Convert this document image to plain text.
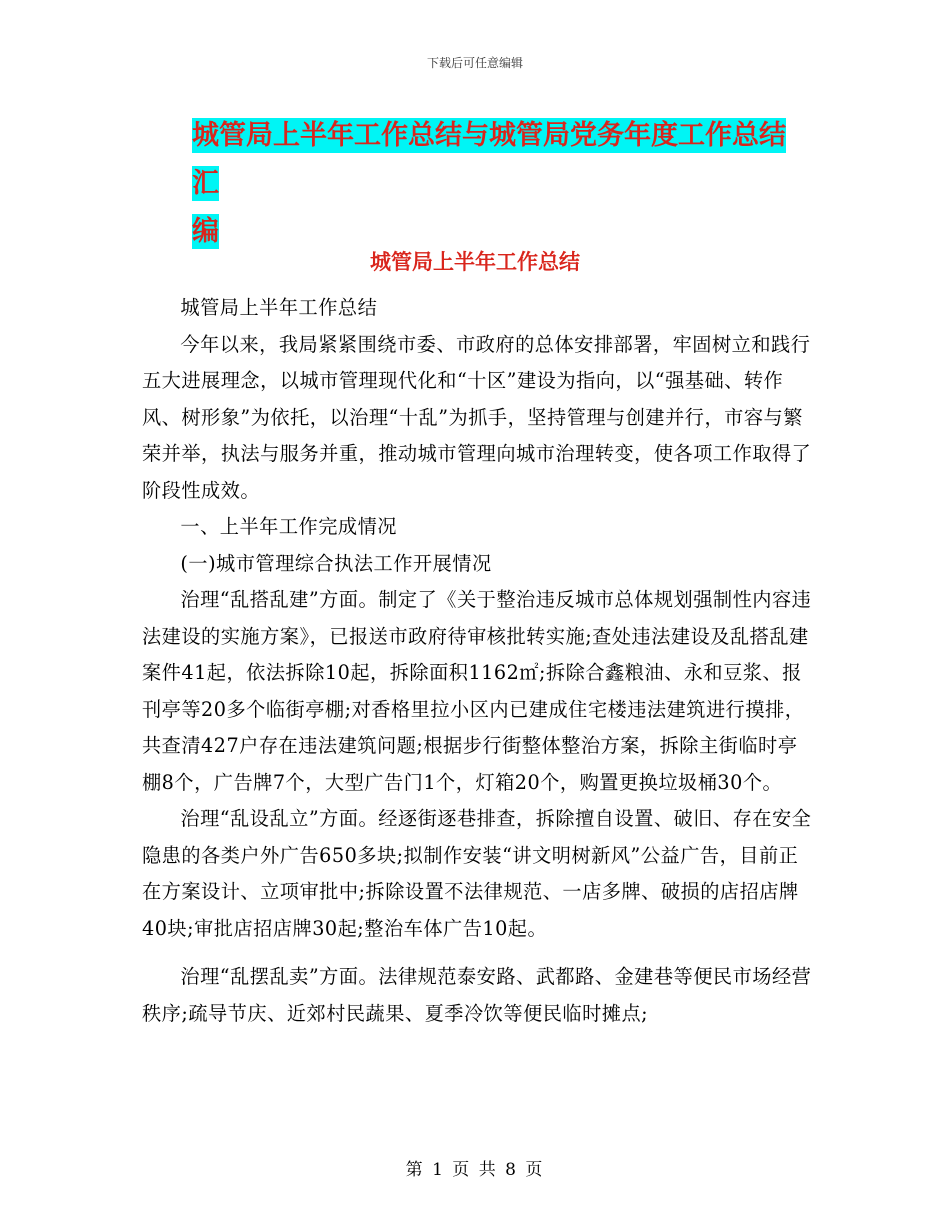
下载后可任意编辑
城管局上半年工作总结与城管局党务年度工作总结汇
编
城管局上半年工作总结

城管局上半年工作总结

今年以来，我局紧紧围绕市委、市政府的总体安排部署，牢固树立和践行五大进展理念，以城市管理现代化和“十区”建设为指向，以“强基础、转作风、树形象”为依托，以治理“十乱”为抓手，坚持管理与创建并行，市容与繁荣并举，执法与服务并重，推动城市管理向城市治理转变，使各项工作取得了阶段性成效。

一、上半年工作完成情况

(一)城市管理综合执法工作开展情况

治理“乱搭乱建”方面。制定了《关于整治违反城市总体规划强制性内容违法建设的实施方案》，已报送市政府待审核批转实施;查处违法建设及乱搭乱建案件41起，依法拆除10起，拆除面积1162㎡;拆除合鑫粮油、永和豆浆、报刊亭等20多个临街亭棚;对香格里拉小区内已建成住宅楼违法建筑进行摸排，共查清427户存在违法建筑问题;根据步行街整体整治方案，拆除主街临时亭棚8个，广告牌7个，大型广告门1个，灯箱20个，购置更换垃圾桶30个。

治理“乱设乱立”方面。经逐街逐巷排查，拆除擅自设置、破旧、存在安全隐患的各类户外广告650多块;拟制作安装“讲文明树新风”公益广告，目前正在方案设计、立项审批中;拆除设置不法律规范、一店多牌、破损的店招店牌40块;审批店招店牌30起;整治车体广告10起。

治理“乱摆乱卖”方面。法律规范泰安路、武都路、金建巷等便民市场经营秩序;疏导节庆、近郊村民蔬果、夏季冷饮等便民临时摊点;

第 1 页 共 8 页
